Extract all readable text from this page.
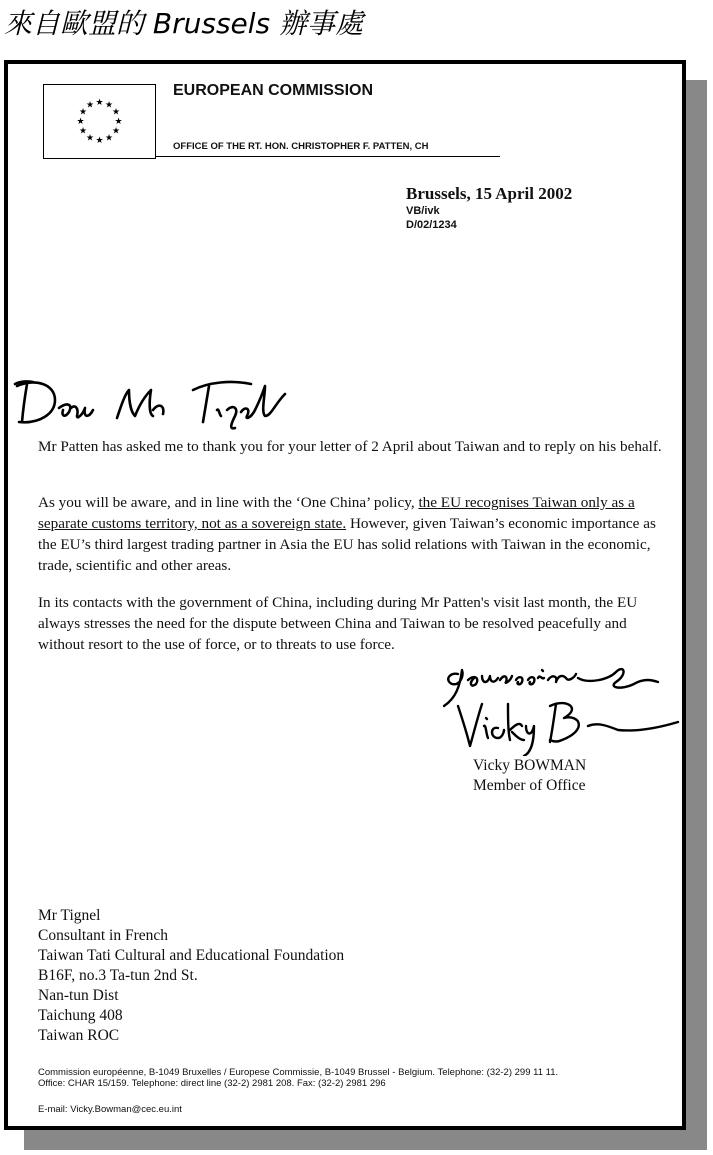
來自歐盟的 Brussels 辦事處
★ ★
★
★
★
★
★
★
★
★
★
★
EUROPEAN COMMISSION
OFFICE OF THE RT. HON. CHRISTOPHER F. PATTEN, CH
Brussels, 15 April 2002
VB/ivk
D/02/1234

Mr Patten has asked me to thank you for your letter of 2 April about Taiwan and to reply on his behalf.

As you will be aware, and in line with the ‘One China’ policy, the EU recognises Taiwan only as a separate customs territory, not as a sovereign state. However, given Taiwan’s economic importance as the EU’s third largest trading partner in Asia the EU has solid relations with Taiwan in the economic, trade, scientific and other areas.

In its contacts with the government of China, including during Mr Patten's visit last month, the EU always stresses the need for the dispute between China and Taiwan to be resolved peacefully and without resort to the use of force, or to threats to use force.

Vicky BOWMAN
Member of Office
Mr Tignel
Consultant in French
Taiwan Tati Cultural and Educational Foundation
B16F, no.3 Ta-tun 2nd St.
Nan-tun Dist
Taichung 408
Taiwan ROC
Commission européenne, B-1049 Bruxelles / Europese Commissie, B-1049 Brussel - Belgium. Telephone: (32-2) 299 11 11.
Office: CHAR 15/159. Telephone: direct line (32-2) 2981 208. Fax: (32-2) 2981 296
E-mail: Vicky.Bowman@cec.eu.int
